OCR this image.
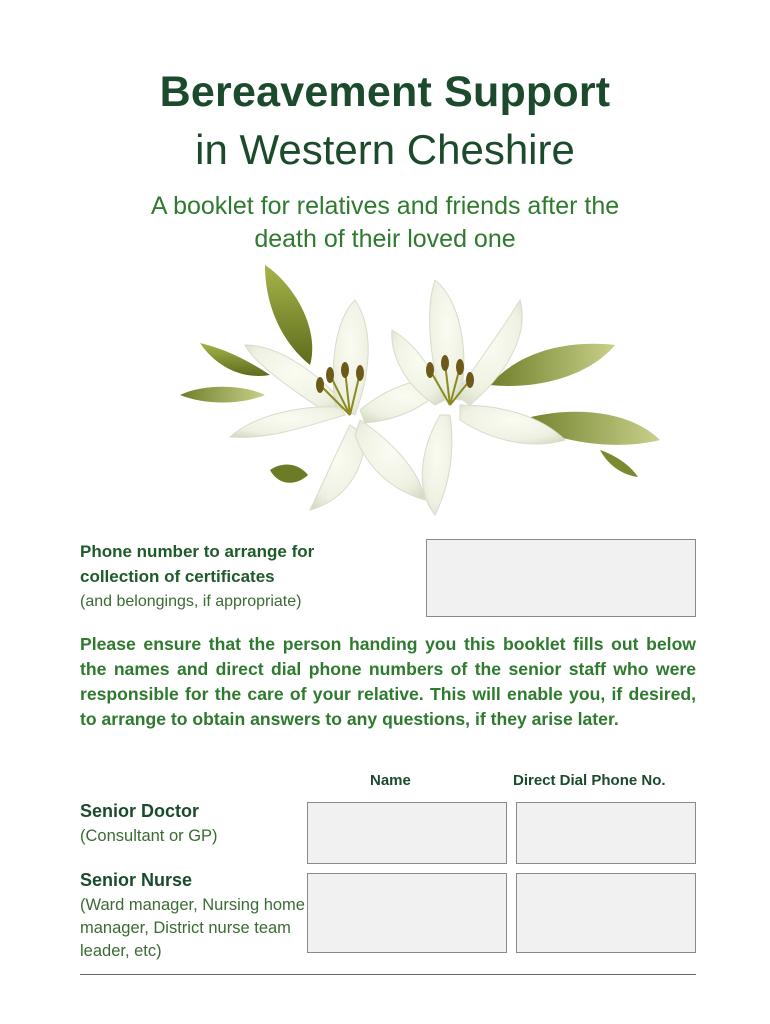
Bereavement Support
in Western Cheshire
A booklet for relatives and friends after the death of their loved one
Phone number to arrange for
collection of certificates
(and belongings, if appropriate)
Please ensure that the person handing you this booklet fills out below the names and direct dial phone numbers of the senior staff who were responsible for the care of your relative. This will enable you, if desired, to arrange to obtain answers to any questions, if they arise later.
Name	Direct Dial Phone No.
Senior Doctor
(Consultant or GP)
Senior Nurse
(Ward manager, Nursing home manager, District nurse team leader, etc)
